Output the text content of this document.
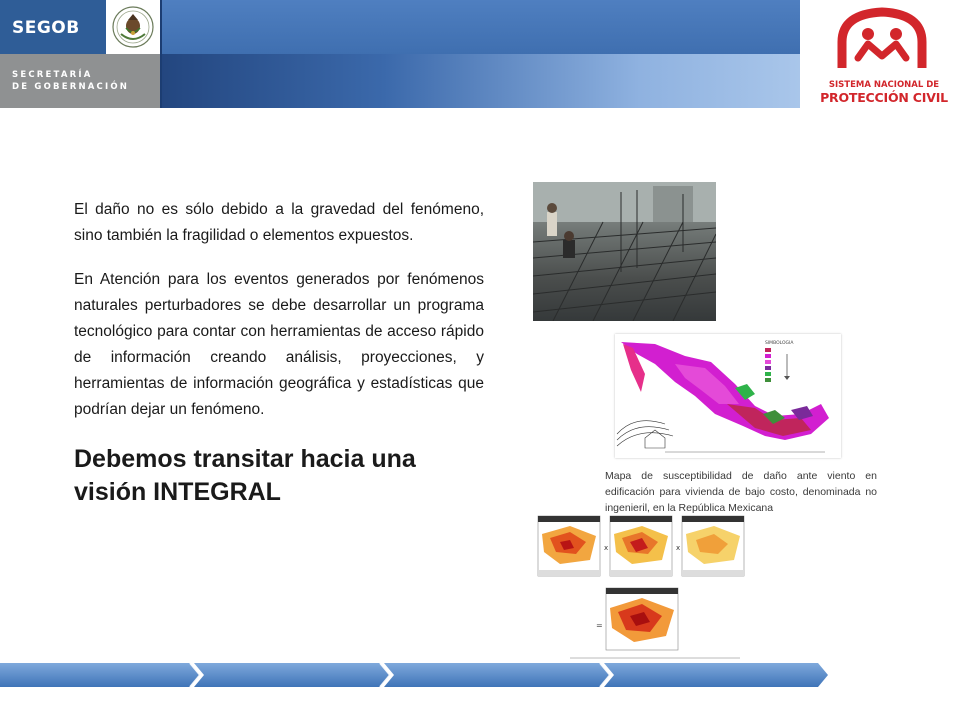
SEGOB
SECRETARÍA
DE GOBERNACIÓN	SISTEMA NACIONAL DE
PROTECCIÓN CIVIL

El daño no es sólo debido a la gravedad del fenómeno, sino también la fragilidad o elementos expuestos.

En Atención para los eventos generados por fenómenos naturales perturbadores se debe desarrollar un programa tecnológico para contar con herramientas de acceso rápido de información creando análisis, proyecciones, y herramientas de información geográfica y estadísticas que podrían dejar un fenómeno.

Debemos transitar hacia una visión INTEGRAL

SIMBOLOGIA

Mapa de susceptibilidad de daño ante viento en edificación para vivienda de bajo costo, denominada no ingenieril, en la República Mexicana

x	x
=
